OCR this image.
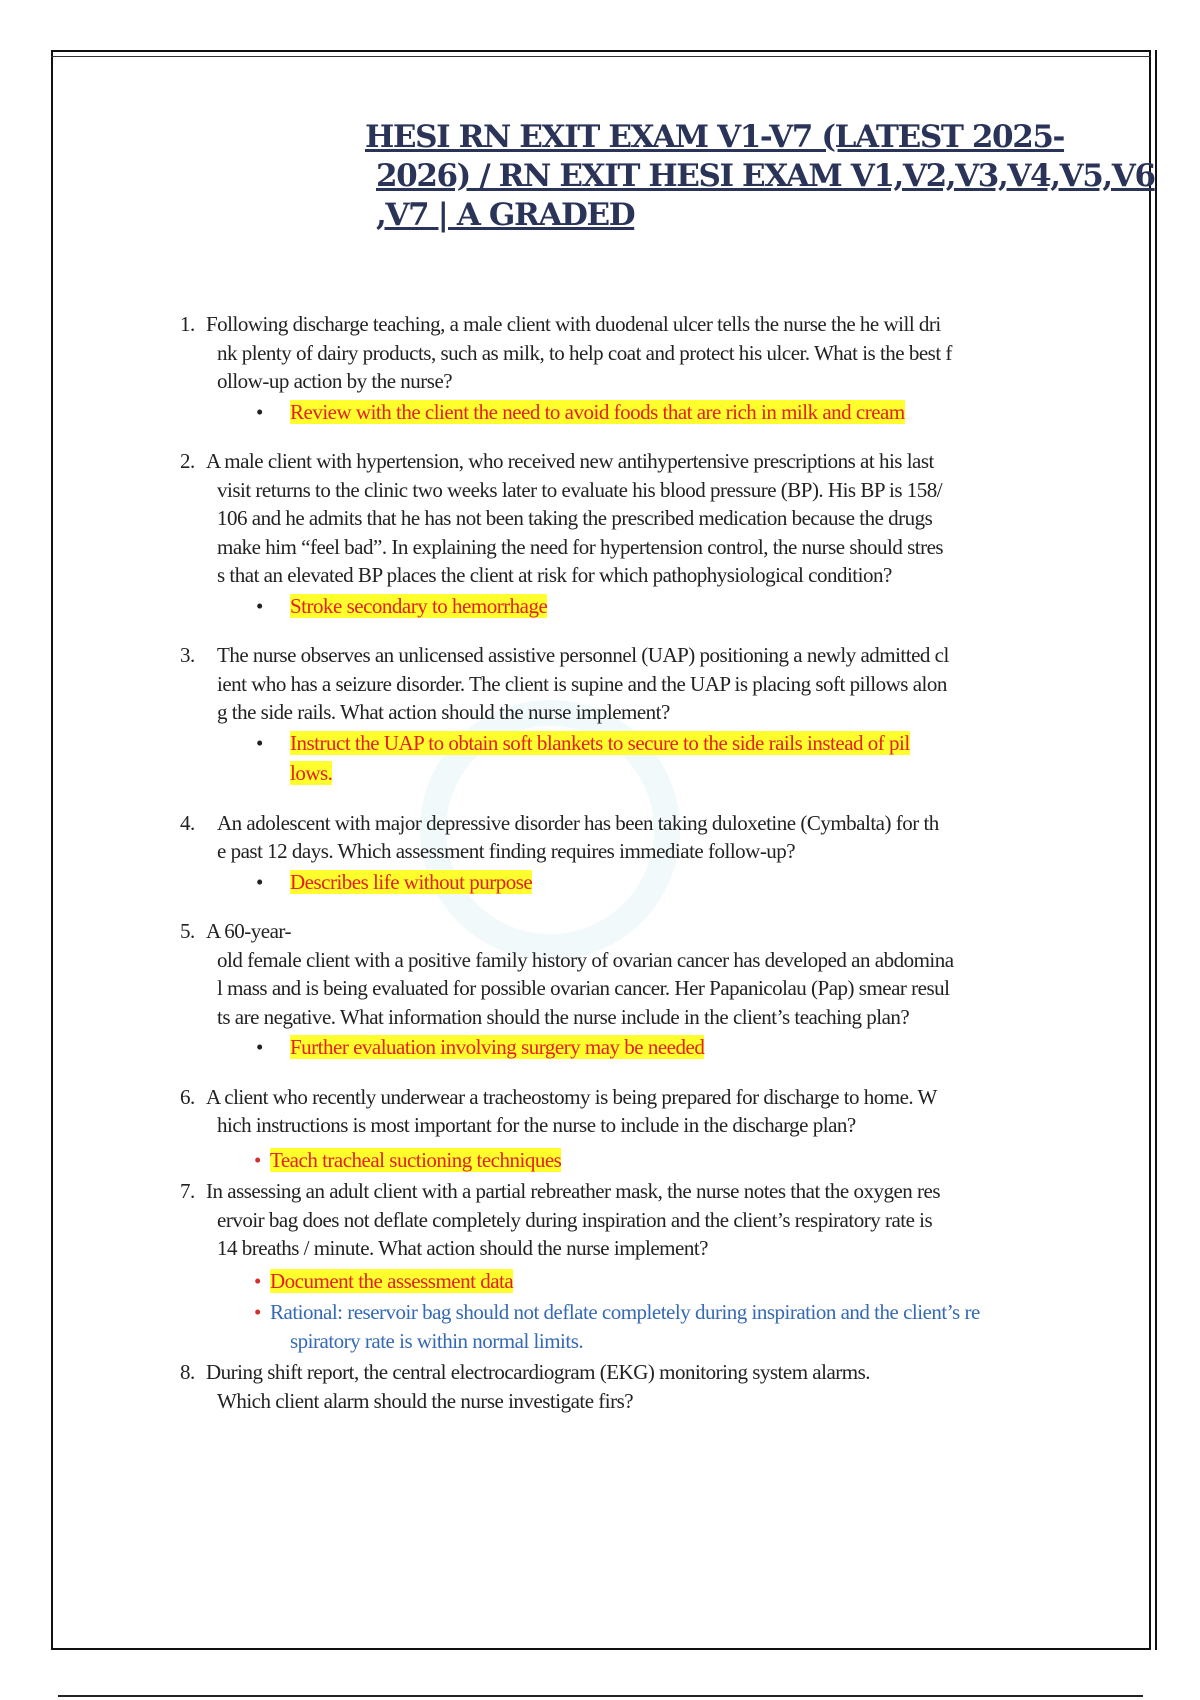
HESI RN EXIT EXAM V1-V7 (LATEST 2025-
2026) / RN EXIT HESI EXAM V1,V2,V3,V4,V5,V6
,V7 | A GRADED
1. Following discharge teaching, a male client with duodenal ulcer tells the nurse the he will dri
nk plenty of dairy products, such as milk, to help coat and protect his ulcer. What is the best f
ollow-up action by the nurse?
• Review with the client the need to avoid foods that are rich in milk and cream
2. A male client with hypertension, who received new antihypertensive prescriptions at his last
visit returns to the clinic two weeks later to evaluate his blood pressure (BP). His BP is 158/
106 and he admits that he has not been taking the prescribed medication because the drugs
make him “feel bad”. In explaining the need for hypertension control, the nurse should stres
s that an elevated BP places the client at risk for which pathophysiological condition?
• Stroke secondary to hemorrhage
3. The nurse observes an unlicensed assistive personnel (UAP) positioning a newly admitted cl
ient who has a seizure disorder. The client is supine and the UAP is placing soft pillows alon
g the side rails. What action should the nurse implement?
• Instruct the UAP to obtain soft blankets to secure to the side rails instead of pil
lows.
4. An adolescent with major depressive disorder has been taking duloxetine (Cymbalta) for th
e past 12 days. Which assessment finding requires immediate follow-up?
• Describes life without purpose
5. A 60-year-
old female client with a positive family history of ovarian cancer has developed an abdomina
l mass and is being evaluated for possible ovarian cancer. Her Papanicolau (Pap) smear resul
ts are negative. What information should the nurse include in the client’s teaching plan?
• Further evaluation involving surgery may be needed
6. A client who recently underwear a tracheostomy is being prepared for discharge to home. W
hich instructions is most important for the nurse to include in the discharge plan?
• Teach tracheal suctioning techniques
7. In assessing an adult client with a partial rebreather mask, the nurse notes that the oxygen res
ervoir bag does not deflate completely during inspiration and the client’s respiratory rate is
14 breaths / minute. What action should the nurse implement?
• Document the assessment data
• Rational: reservoir bag should not deflate completely during inspiration and the client’s re
spiratory rate is within normal limits.
8. During shift report, the central electrocardiogram (EKG) monitoring system alarms.
Which client alarm should the nurse investigate firs?
